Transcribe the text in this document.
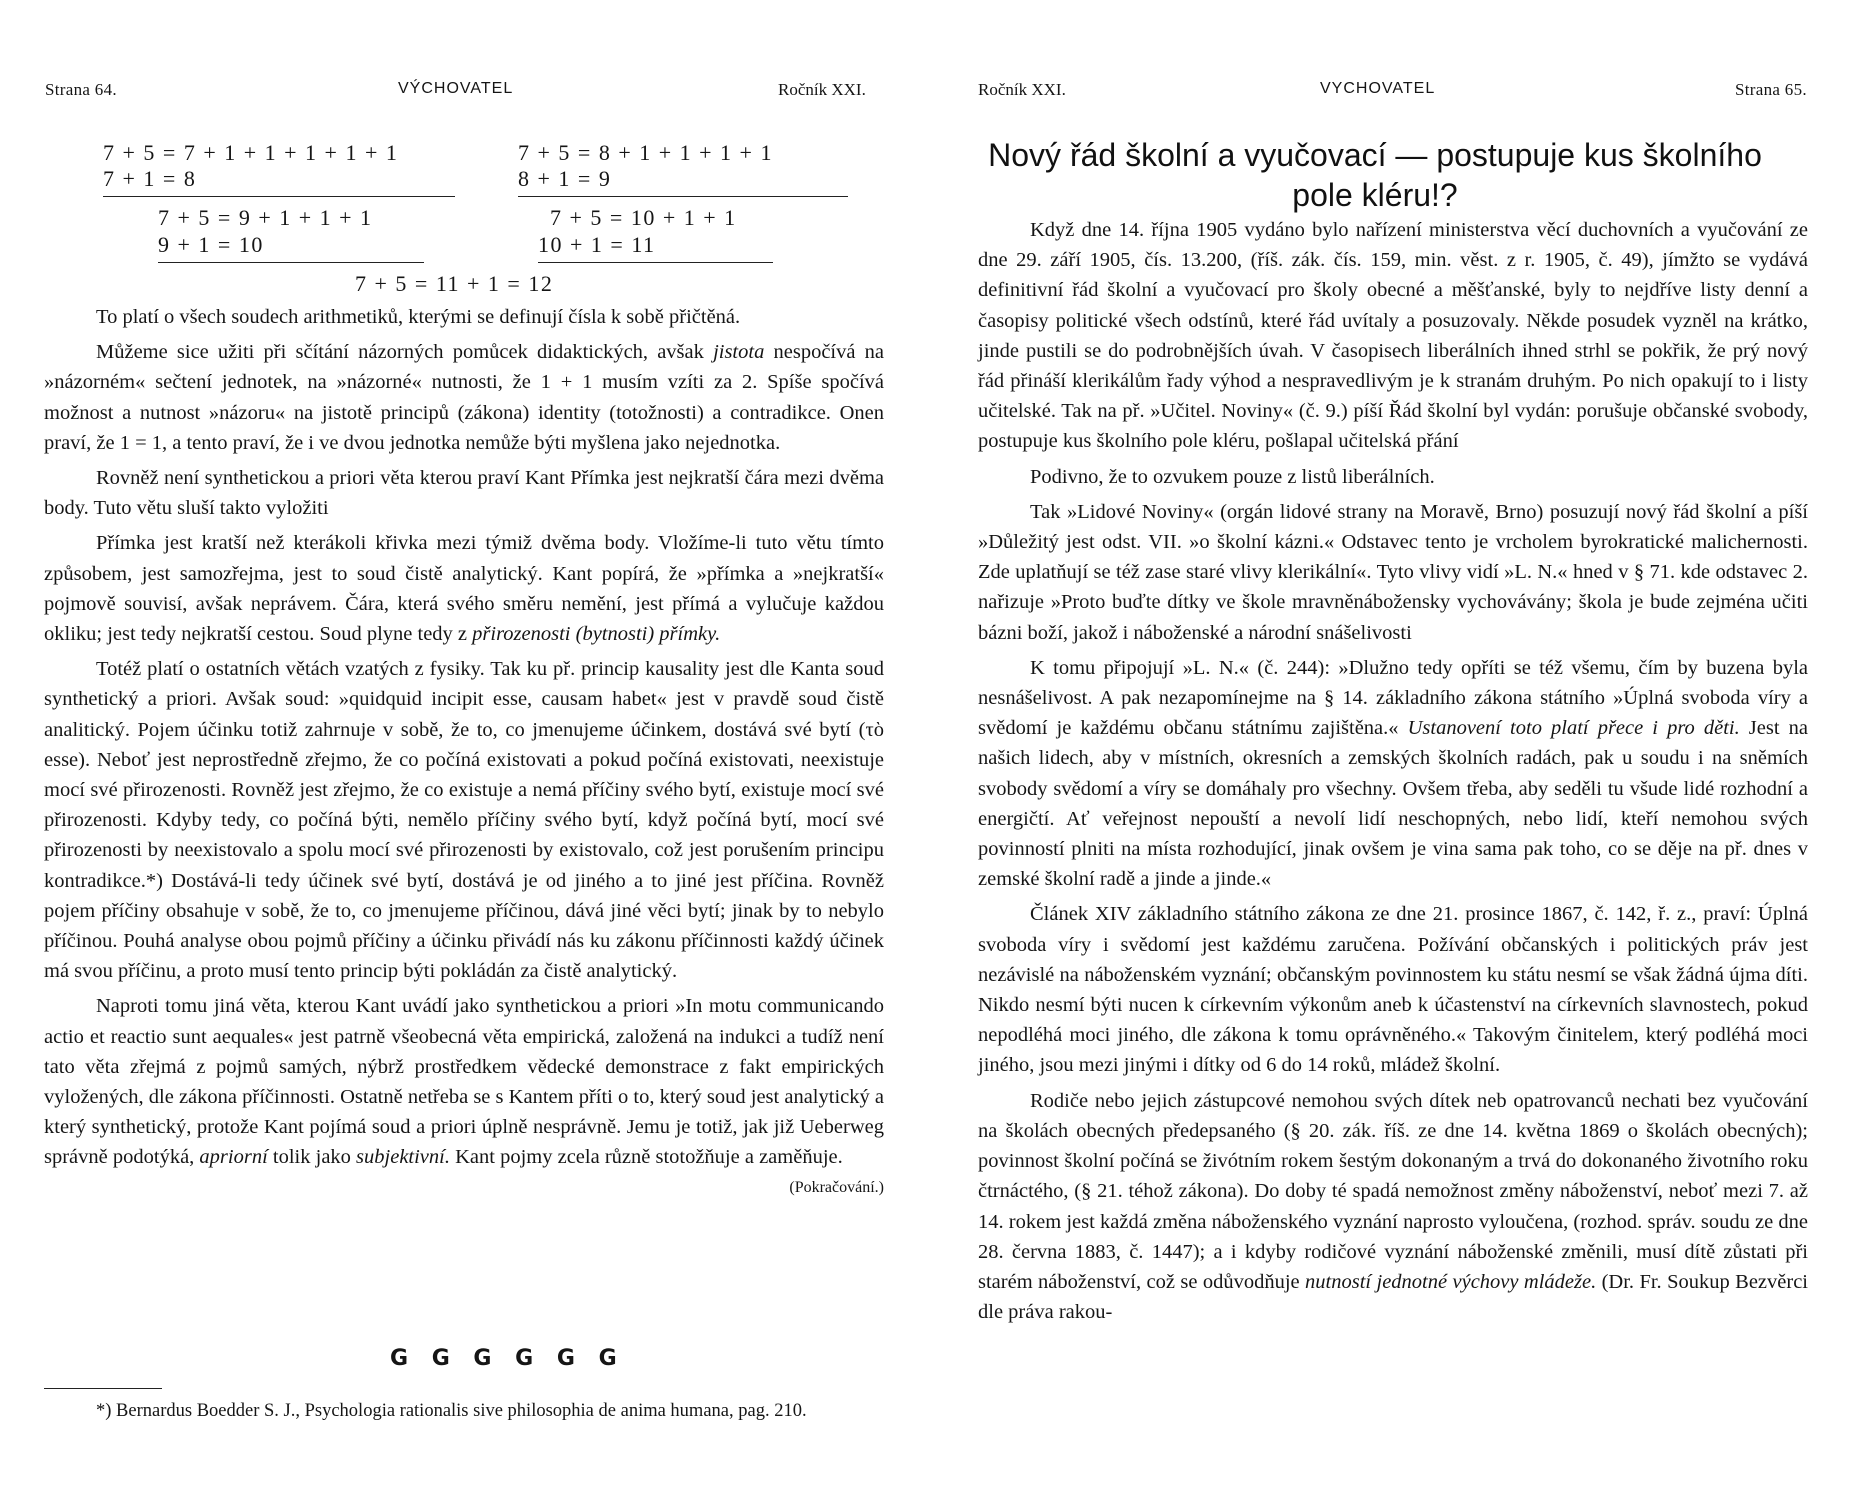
Strana 64.	VÝCHOVATEL	Ročník XXI.
7 + 5 = 7 + 1 + 1 + 1 + 1 + 1
7 + 1 = 8
7 + 5 = 8 + 1 + 1 + 1 + 1
8 + 1 = 9
7 + 5 = 9 + 1 + 1 + 1
9 + 1 = 10
7 + 5 = 10 + 1 + 1
10 + 1 = 11
7 + 5 = 11 + 1 = 12

To platí o všech soudech arithmetiků, kterými se definují čísla k sobě přičtěná.

Můžeme sice užiti při sčítání názorných pomůcek didaktických, avšak jistota nespočívá na »názorném« sečtení jednotek, na »názorné« nutnosti, že 1 + 1 musím vzíti za 2. Spíše spočívá možnost a nutnost »názoru« na jistotě principů (zákona) identity (totožnosti) a contradikce. Onen praví, že 1 = 1, a tento praví, že i ve dvou jednotka nemůže býti myšlena jako nejednotka.

Rovněž není synthetickou a priori věta kterou praví Kant Přímka jest nejkratší čára mezi dvěma body. Tuto větu sluší takto vyložiti

Přímka jest kratší než kterákoli křivka mezi týmiž dvěma body. Vložíme-li tuto větu tímto způsobem, jest samozřejma, jest to soud čistě analytický. Kant popírá, že »přímka a »nejkratší« pojmově souvisí, avšak neprávem. Čára, která svého směru nemění, jest přímá a vylučuje každou okliku; jest tedy nejkratší cestou. Soud plyne tedy z přirozenosti (bytnosti) přímky.

Totéž platí o ostatních větách vzatých z fysiky. Tak ku př. princip kausality jest dle Kanta soud synthetický a priori. Avšak soud: »quidquid incipit esse, causam habet« jest v pravdě soud čistě analitický. Pojem účinku totiž zahrnuje v sobě, že to, co jmenujeme účinkem, dostává své bytí (τὸ esse). Neboť jest neprostředně zřejmo, že co počíná existovati a pokud počíná existovati, neexistuje mocí své přirozenosti. Rovněž jest zřejmo, že co existuje a nemá příčiny svého bytí, existuje mocí své přirozenosti. Kdyby tedy, co počíná býti, nemělo příčiny svého bytí, když počíná bytí, mocí své přirozenosti by neexistovalo a spolu mocí své přirozenosti by existovalo, což jest porušením principu kontradikce.*) Dostává-li tedy účinek své bytí, dostává je od jiného a to jiné jest příčina. Rovněž pojem příčiny obsahuje v sobě, že to, co jmenujeme příčinou, dává jiné věci bytí; jinak by to nebylo příčinou. Pouhá analyse obou pojmů příčiny a účinku přivádí nás ku zákonu příčinnosti každý účinek má svou příčinu, a proto musí tento princip býti pokládán za čistě analytický.

Naproti tomu jiná věta, kterou Kant uvádí jako synthetickou a priori »In motu communicando actio et reactio sunt aequales« jest patrně všeobecná věta empirická, založená na indukci a tudíž není tato věta zřejmá z pojmů samých, nýbrž prostředkem vědecké demonstrace z fakt empirických vyložených, dle zákona příčinnosti. Ostatně netřeba se s Kantem příti o to, který soud jest analytický a který synthetický, protože Kant pojímá soud a priori úplně nesprávně. Jemu je totiž, jak již Ueberweg správně podotýká, apriorní tolik jako subjektivní. Kant pojmy zcela různě stotožňuje a zaměňuje.
(Pokračování.)

G G G G G G
*) Bernardus Boedder S. J., Psychologia rationalis sive philosophia de anima humana, pag. 210.
Ročník XXI.	VYCHOVATEL	Strana 65.
Nový řád školní a vyučovací — postupuje kus školního pole kléru!?

Když dne 14. října 1905 vydáno bylo nařízení ministerstva věcí duchovních a vyučování ze dne 29. září 1905, čís. 13.200, (říš. zák. čís. 159, min. věst. z r. 1905, č. 49), jímžto se vydává definitivní řád školní a vyučovací pro školy obecné a měšťanské, byly to nejdříve listy denní a časopisy politické všech odstínů, které řád uvítaly a posuzovaly. Někde posudek vyzněl na krátko, jinde pustili se do podrobnějších úvah. V časopisech liberálních ihned strhl se pokřik, že prý nový řád přináší klerikálům řady výhod a nespravedlivým je k stranám druhým. Po nich opakují to i listy učitelské. Tak na př. »Učitel. Noviny« (č. 9.) píší Řád školní byl vydán: porušuje občanské svobody, postupuje kus školního pole kléru, pošlapal učitelská přání

Podivno, že to ozvukem pouze z listů liberálních.

Tak »Lidové Noviny« (orgán lidové strany na Moravě, Brno) posuzují nový řád školní a píší »Důležitý jest odst. VII. »o školní kázni.« Odstavec tento je vrcholem byrokratické malichernosti. Zde uplatňují se též zase staré vlivy klerikální«. Tyto vlivy vidí »L. N.« hned v § 71. kde odstavec 2. nařizuje »Proto buďte dítky ve škole mravněnábožensky vychovávány; škola je bude zejména učiti bázni boží, jakož i náboženské a národní snášelivosti

K tomu připojují »L. N.« (č. 244): »Dlužno tedy opříti se též všemu, čím by buzena byla nesnášelivost. A pak nezapomínejme na § 14. základního zákona státního »Úplná svoboda víry a svědomí je každému občanu státnímu zajištěna.« Ustanovení toto platí přece i pro děti. Jest na našich lidech, aby v místních, okresních a zemských školních radách, pak u soudu i na sněmích svobody svědomí a víry se domáhaly pro všechny. Ovšem třeba, aby seděli tu všude lidé rozhodní a energičtí. Ať veřejnost nepouští a nevolí lidí neschopných, nebo lidí, kteří nemohou svých povinností plniti na místa rozhodující, jinak ovšem je vina sama pak toho, co se děje na př. dnes v zemské školní radě a jinde a jinde.«

Článek XIV základního státního zákona ze dne 21. prosince 1867, č. 142, ř. z., praví: Úplná svoboda víry i svědomí jest každému zaručena. Požívání občanských i politických práv jest nezávislé na náboženském vyznání; občanským povinnostem ku státu nesmí se však žádná újma díti. Nikdo nesmí býti nucen k církevním výkonům aneb k účastenství na církevních slavnostech, pokud nepodléhá moci jiného, dle zákona k tomu oprávněného.« Takovým činitelem, který podléhá moci jiného, jsou mezi jinými i dítky od 6 do 14 roků, mládež školní.

Rodiče nebo jejich zástupcové nemohou svých dítek neb opatrovanců nechati bez vyučování na školách obecných předepsaného (§ 20. zák. říš. ze dne 14. května 1869 o školách obecných); povinnost školní počíná se živótním rokem šestým dokonaným a trvá do dokonaného životního roku čtrnáctého, (§ 21. téhož zákona). Do doby té spadá nemožnost změny náboženství, neboť mezi 7. až 14. rokem jest každá změna náboženského vyznání naprosto vyloučena, (rozhod. správ. soudu ze dne 28. června 1883, č. 1447); a i kdyby rodičové vyznání náboženské změnili, musí dítě zůstati při starém náboženství, což se odůvodňuje nutností jednotné výchovy mládeže. (Dr. Fr. Soukup Bezvěrci dle práva rakou-
